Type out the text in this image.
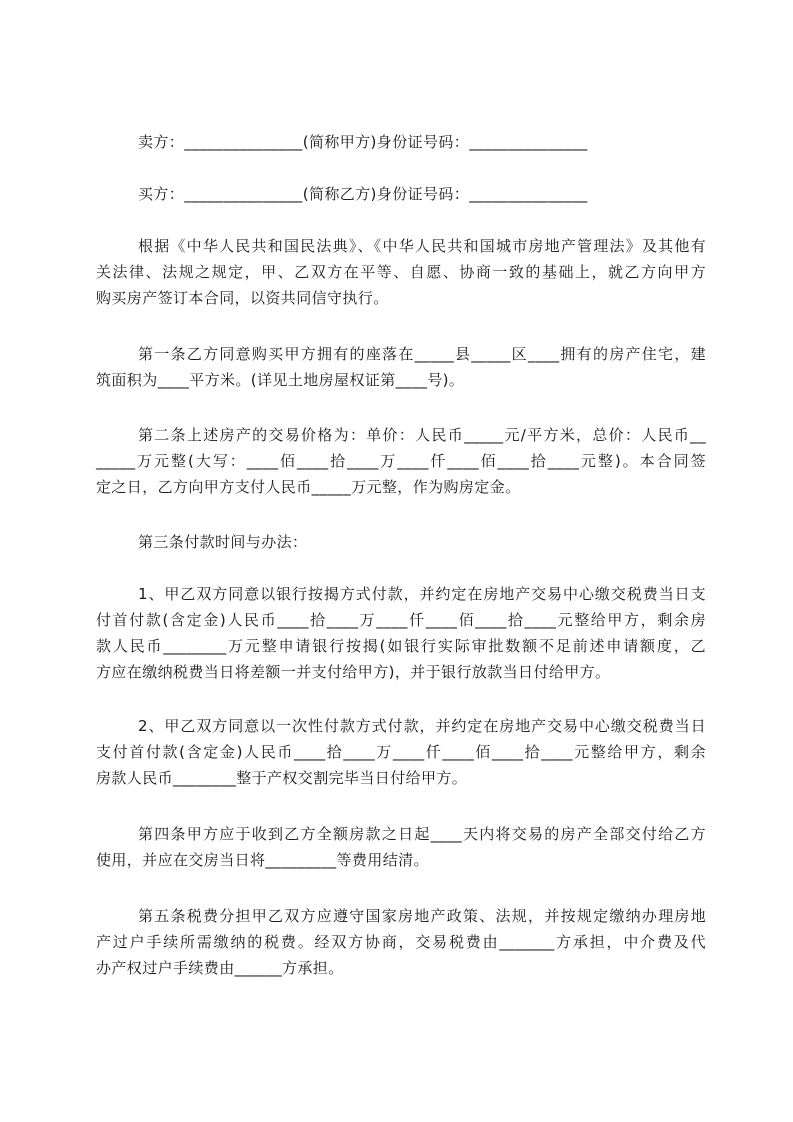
卖方：_______________(简称甲方)身份证号码：_______________
买方：_______________(简称乙方)身份证号码：_______________
根据《中华人民共和国民法典》、《中华人民共和国城市房地产管理法》及其他有
关法律、法规之规定，甲、乙双方在平等、自愿、协商一致的基础上，就乙方向甲方
购买房产签订本合同，以资共同信守执行。
第一条乙方同意购买甲方拥有的座落在_____县_____区____拥有的房产住宅，建
筑面积为____平方米。(详见土地房屋权证第____号)。
第二条上述房产的交易价格为：单价：人民币_____元/平方米，总价：人民币__
_____万元整(大写：____佰____拾____万____仟____佰____拾____元整)。本合同签
定之日，乙方向甲方支付人民币_____万元整，作为购房定金。
第三条付款时间与办法：
1、甲乙双方同意以银行按揭方式付款，并约定在房地产交易中心缴交税费当日支
付首付款(含定金)人民币____拾____万____仟____佰____拾____元整给甲方，剩余房
款人民币________万元整申请银行按揭(如银行实际审批数额不足前述申请额度，乙
方应在缴纳税费当日将差额一并支付给甲方)，并于银行放款当日付给甲方。
2、甲乙双方同意以一次性付款方式付款，并约定在房地产交易中心缴交税费当日
支付首付款(含定金)人民币____拾____万____仟____佰____拾____元整给甲方，剩余
房款人民币________整于产权交割完毕当日付给甲方。
第四条甲方应于收到乙方全额房款之日起____天内将交易的房产全部交付给乙方
使用，并应在交房当日将_________等费用结清。
第五条税费分担甲乙双方应遵守国家房地产政策、法规，并按规定缴纳办理房地
产过户手续所需缴纳的税费。经双方协商，交易税费由_______方承担，中介费及代
办产权过户手续费由______方承担。
